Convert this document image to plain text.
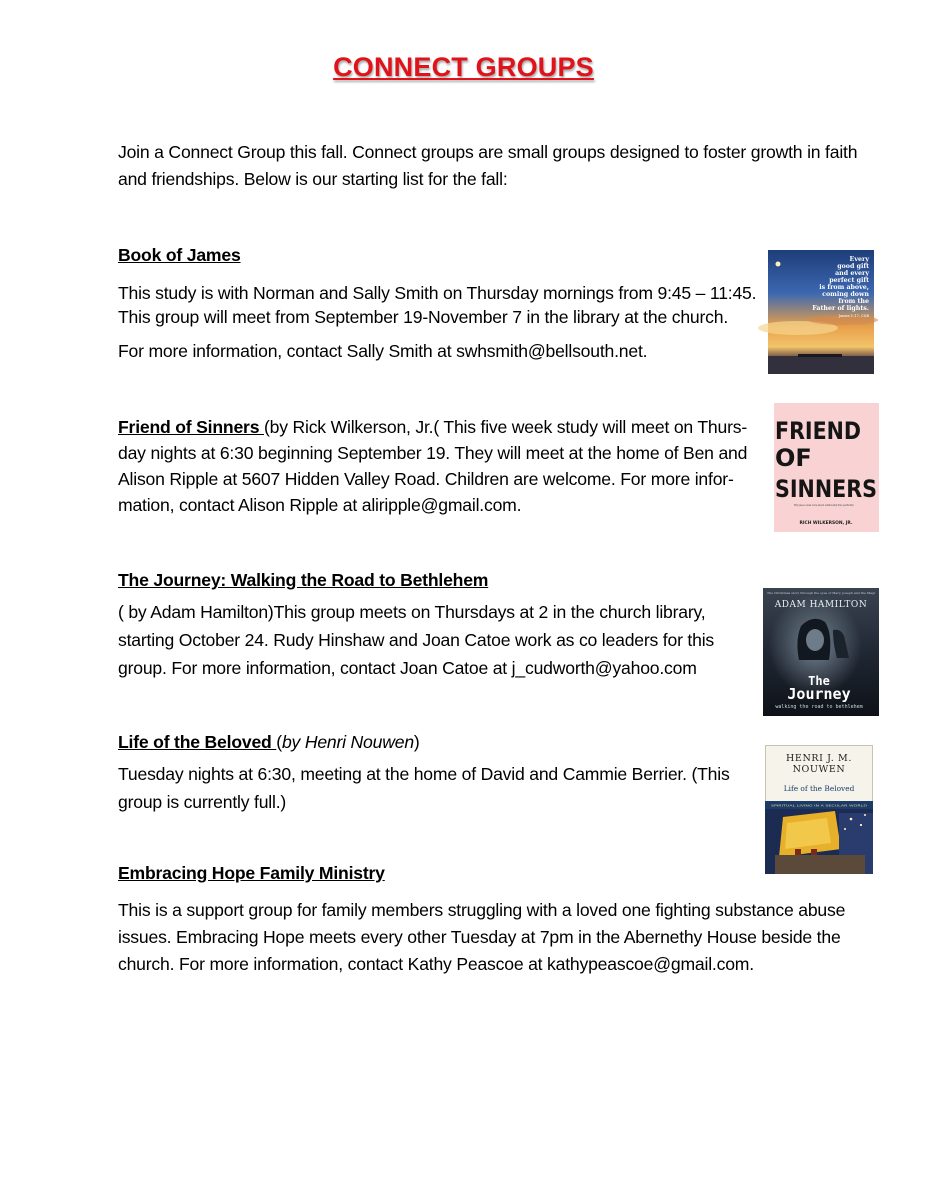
CONNECT GROUPS

Join a Connect Group this fall. Connect groups are small groups designed to foster growth in faith

and friendships. Below is our starting list for the fall:

Book of James

This study is with Norman and Sally Smith on Thursday mornings from 9:45 – 11:45.

This group will meet from September 19-November 7 in the library at the church.

For more information, contact Sally Smith at swhsmith@bellsouth.net.

Friend of Sinners (by Rick Wilkerson, Jr.( This five week study will meet on Thurs-

day nights at 6:30 beginning September 19. They will meet at the home of Ben and

Alison Ripple at 5607 Hidden Valley Road. Children are welcome. For more infor-

mation, contact Alison Ripple at aliripple@gmail.com.

The Journey: Walking the Road to Bethlehem

( by Adam Hamilton)This group meets on Thursdays at 2 in the church library,

starting October 24. Rudy Hinshaw and Joan Catoe work as co leaders for this

group. For more information, contact Joan Catoe at j_cudworth@yahoo.com

Life of the Beloved (by Henri Nouwen)

Tuesday nights at 6:30, meeting at the home of David and Cammie Berrier. (This

group is currently full.)

Embracing Hope Family Ministry

This is a support group for family members struggling with a loved one fighting substance abuse

issues. Embracing Hope meets every other Tuesday at 7pm in the Abernethy House beside the

church. For more information, contact Kathy Peascoe at kathypeascoe@gmail.com.

Every
good gift
and every
perfect gift
is from above,
coming down
from the
Father of lights.
James 1:17, CSB
FRIEND
OF
SINNERS
Why Jesus cares more about relationship than perfection
RICH WILKERSON, JR.
The Christmas story through the eyes of Mary, Joseph and the Magi
ADAM HAMILTON
The
Journey
walking the road to bethlehem
HENRI J. M.
NOUWEN
Life of the Beloved
SPIRITUAL LIVING IN A SECULAR WORLD
